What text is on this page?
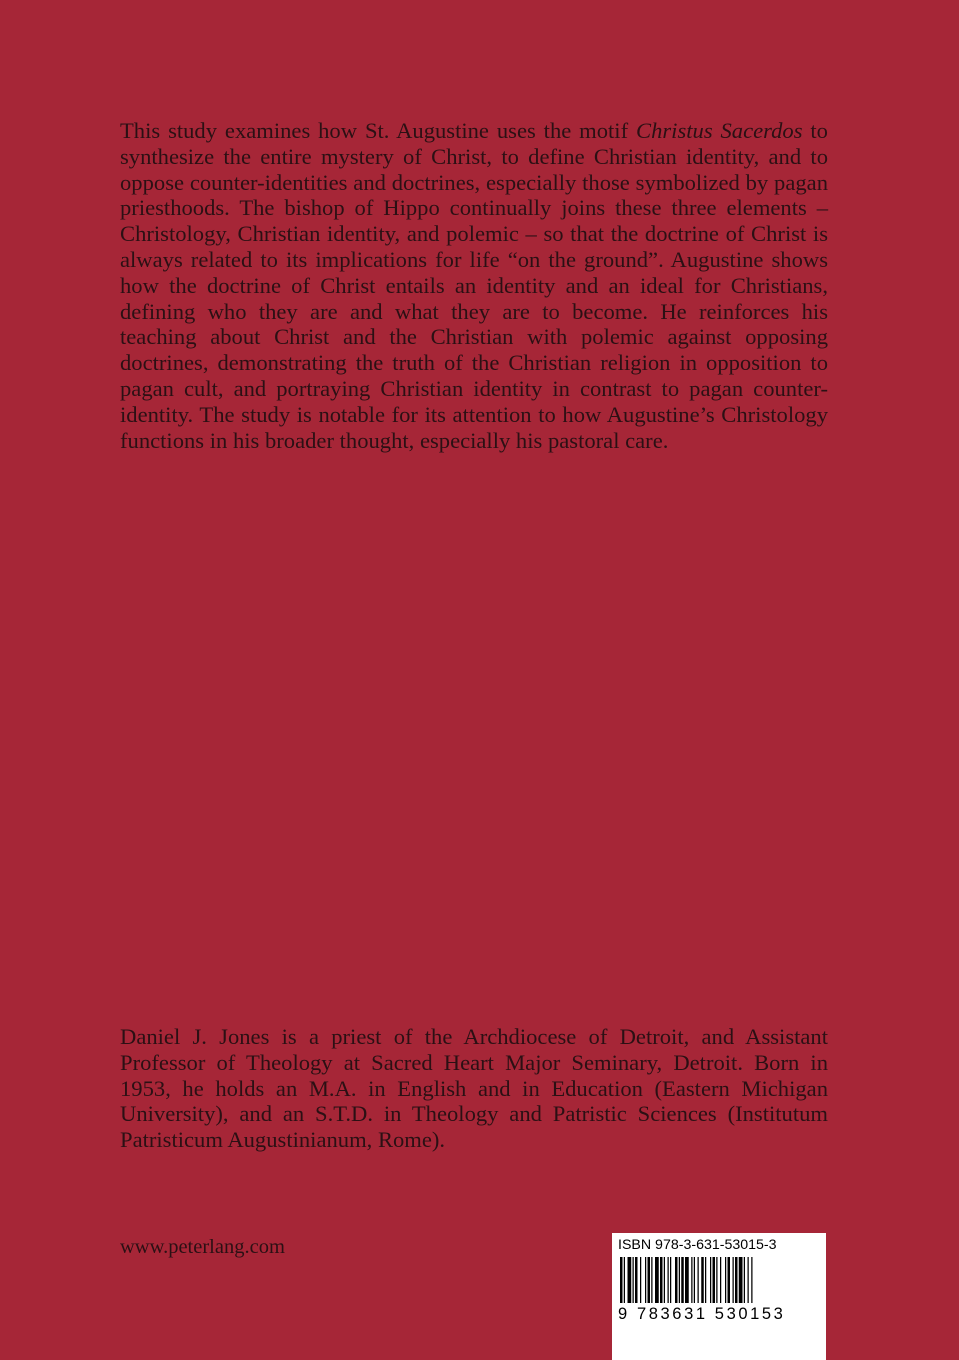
This study examines how St. Augustine uses the motif Christus Sacerdos to synthesize the entire mystery of Christ, to define Christian identity, and to oppose counter-identities and doctrines, especially those symbolized by pagan priesthoods. The bishop of Hippo continually joins these three elements – Christology, Christian identity, and polemic – so that the doctrine of Christ is always related to its implications for life “on the ground”. Augustine shows how the doctrine of Christ entails an identity and an ideal for Christians, defining who they are and what they are to become. He reinforces his teaching about Christ and the Christian with polemic against opposing doctrines, demonstrating the truth of the Christian religion in opposition to pagan cult, and portraying Christian identity in contrast to pagan counter-identity. The study is notable for its attention to how Augustine’s Christology functions in his broader thought, especially his pastoral care.

Daniel J. Jones is a priest of the Archdiocese of Detroit, and Assistant Professor of Theology at Sacred Heart Major Seminary, Detroit. Born in 1953, he holds an M.A. in English and in Education (Eastern Michigan University), and an S.T.D. in Theology and Patristic Sciences (Institutum Patristicum Augustinianum, Rome).

www.peterlang.com	ISBN 978-3-631-53015-3
9 783631 530153
